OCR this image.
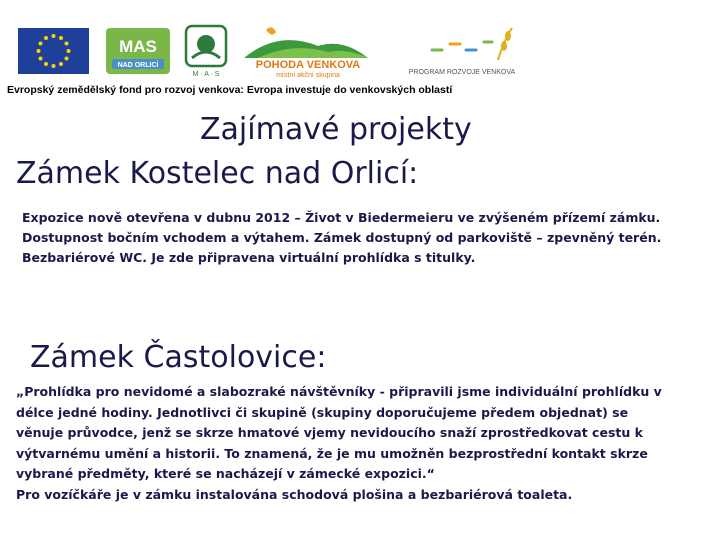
MAS
NAD ORLICÍ
M · A · S
POHODA VENKOVA
místní akční skupina	PROGRAM ROZVOJE VENKOVA
Evropský zemědělský fond pro rozvoj venkova: Evropa investuje do venkovských oblastí
Zajímavé projekty
Zámek Kostelec nad Orlicí:
Expozice nově otevřena v dubnu 2012 – Život v Biedermeieru ve zvýšeném přízemí zámku.
Dostupnost bočním vchodem a výtahem. Zámek dostupný od parkoviště – zpevněný terén.
Bezbariérové WC. Je zde připravena virtuální prohlídka s titulky.
Zámek Častolovice:
„Prohlídka pro nevidomé a slabozraké návštěvníky - připravili jsme individuální prohlídku v
délce jedné hodiny. Jednotlivci či skupině (skupiny doporučujeme předem objednat) se
věnuje průvodce, jenž se skrze hmatové vjemy nevidoucího snaží zprostředkovat cestu k
výtvarnému umění a historii. To znamená, že je mu umožněn bezprostřední kontakt skrze
vybrané předměty, které se nacházejí v zámecké expozici.“
Pro vozíčkáře je v zámku instalována schodová plošina a bezbariérová toaleta.
